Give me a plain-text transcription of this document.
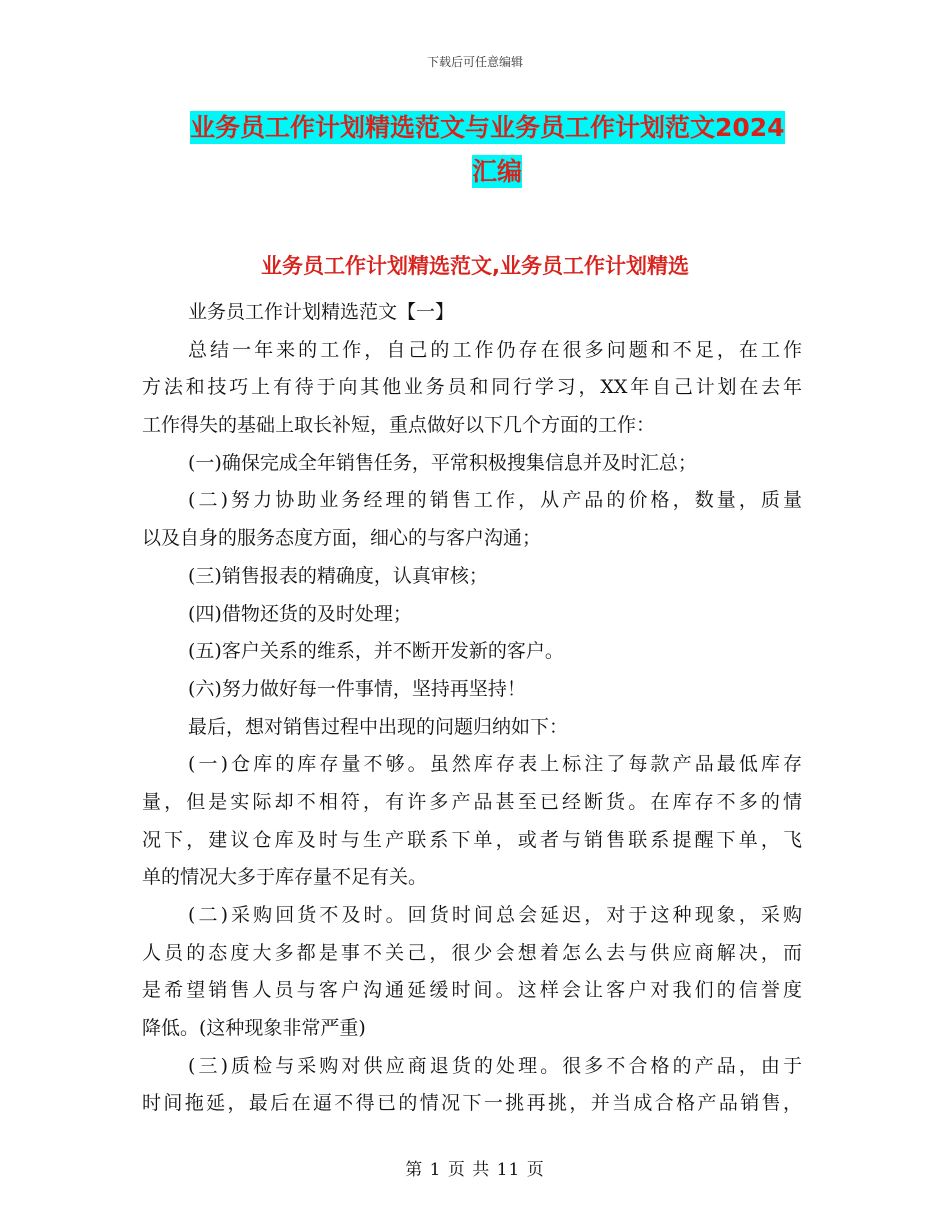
下载后可任意编辑
业务员工作计划精选范文与业务员工作计划范文2024
汇编
业务员工作计划精选范文,业务员工作计划精选
业务员工作计划精选范文【一】
总结一年来的工作，自己的工作仍存在很多问题和不足，在工作
方法和技巧上有待于向其他业务员和同行学习，XX年自己计划在去年
工作得失的基础上取长补短，重点做好以下几个方面的工作：
(一)确保完成全年销售任务，平常积极搜集信息并及时汇总；
(二)努力协助业务经理的销售工作，从产品的价格，数量，质量
以及自身的服务态度方面，细心的与客户沟通；
(三)销售报表的精确度，认真审核；
(四)借物还货的及时处理；
(五)客户关系的维系，并不断开发新的客户。
(六)努力做好每一件事情，坚持再坚持！
最后，想对销售过程中出现的问题归纳如下：
(一)仓库的库存量不够。虽然库存表上标注了每款产品最低库存
量，但是实际却不相符，有许多产品甚至已经断货。在库存不多的情
况下，建议仓库及时与生产联系下单，或者与销售联系提醒下单，飞
单的情况大多于库存量不足有关。
(二)采购回货不及时。回货时间总会延迟，对于这种现象，采购
人员的态度大多都是事不关己，很少会想着怎么去与供应商解决，而
是希望销售人员与客户沟通延缓时间。这样会让客户对我们的信誉度
降低。(这种现象非常严重)
(三)质检与采购对供应商退货的处理。很多不合格的产品，由于
时间拖延，最后在逼不得已的情况下一挑再挑，并当成合格产品销售，
第 1 页 共 11 页
